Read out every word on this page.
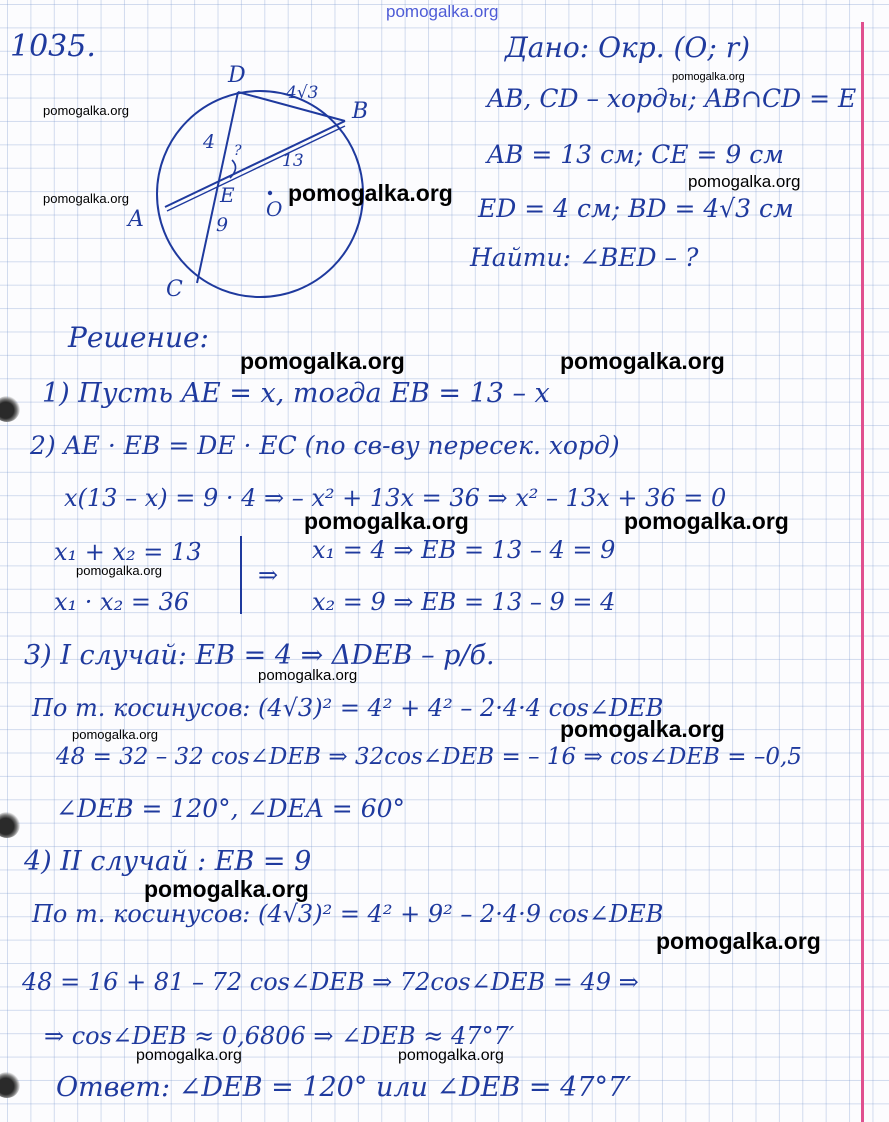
pomogalka.org
1035.
D
B
A
C
E
O
4√3
4
9
13
?
Дано: Окр. (О; r)
AB, CD – хорды; AB∩CD = E
AB = 13 см; CE = 9 см
ED = 4 см; BD = 4√3 см
Найти: ∠BED – ?
Решение:
1) Пусть AE = x, тогда EB = 13 – x
2) AE · EB = DE · EC (по св-ву пересек. хорд)
x(13 – x) = 9 · 4 ⇒ – x² + 13x = 36 ⇒ x² – 13x + 36 = 0
x₁ + x₂ = 13
x₁ · x₂ = 36
⇒
x₁ = 4 ⇒ EB = 13 – 4 = 9
x₂ = 9 ⇒ EB = 13 – 9 = 4
3) I случай: EB = 4 ⇒ ΔDEB – р/б.
По т. косинусов: (4√3)² = 4² + 4² – 2·4·4 cos∠DEB
48 = 32 – 32 cos∠DEB ⇒ 32cos∠DEB = – 16 ⇒ cos∠DEB = –0,5
∠DEB = 120°, ∠DEA = 60°
4) II случай : EB = 9
По т. косинусов: (4√3)² = 4² + 9² – 2·4·9 cos∠DEB
48 = 16 + 81 – 72 cos∠DEB ⇒ 72cos∠DEB = 49 ⇒
⇒ cos∠DEB ≈ 0,6806 ⇒ ∠DEB ≈ 47°7′
Ответ: ∠DEB = 120° или ∠DEB = 47°7′
pomogalka.org
pomogalka.org
pomogalka.org
pomogalka.org
pomogalka.org
pomogalka.org	pomogalka.org
pomogalka.org	pomogalka.org
pomogalka.org
pomogalka.org
pomogalka.org
pomogalka.org
pomogalka.org
pomogalka.org
pomogalka.org	pomogalka.org
